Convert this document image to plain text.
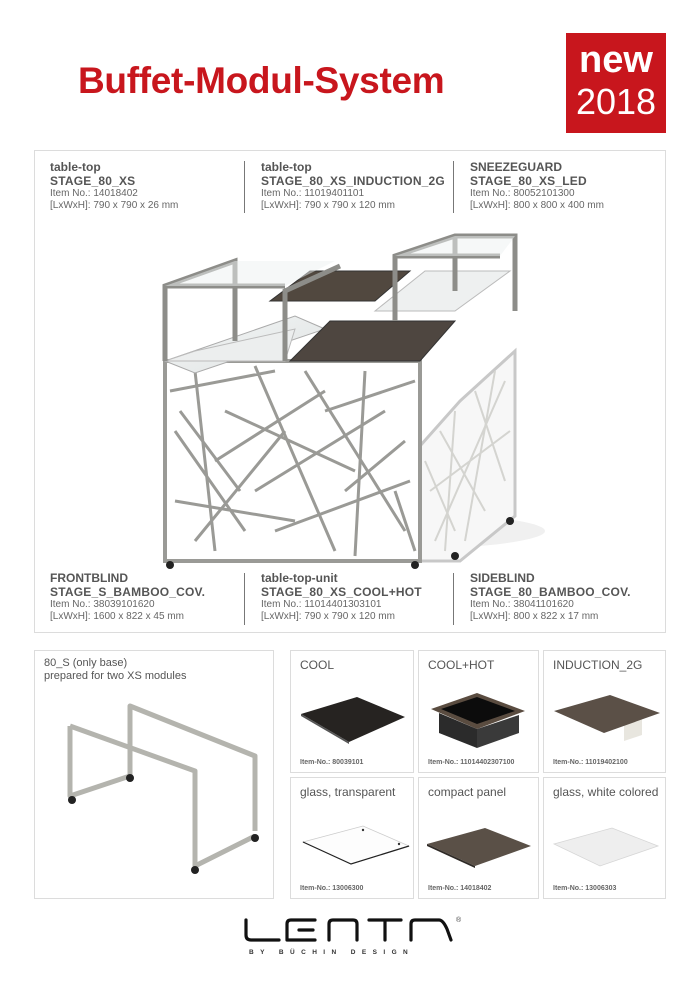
Buffet-Modul-System	new
2018
table-top
STAGE_80_XS
Item No.: 14018402
[LxWxH]: 790 x 790 x 26 mm
table-top
STAGE_80_XS_INDUCTION_2G
Item No.: 11019401101
[LxWxH]: 790 x 790 x 120 mm
SNEEZEGUARD
STAGE_80_XS_LED
Item No.: 80052101300
[LxWxH]: 800 x 800 x 400 mm
FRONTBLIND
STAGE_S_BAMBOO_COV.
Item No.: 38039101620
[LxWxH]: 1600 x 822 x 45 mm
table-top-unit
STAGE_80_XS_COOL+HOT
Item No.: 11014401303101
[LxWxH]: 790 x 790 x 120 mm
SIDEBLIND
STAGE_80_BAMBOO_COV.
Item No.: 38041101620
[LxWxH]: 800 x 822 x 17 mm
80_S (only base)
prepared for two XS modules
COOL
Item-No.: 80039101
COOL+HOT
Item-No.: 11014402307100
INDUCTION_2G
Item-No.: 11019402100
glass, transparent
Item-No.: 13006300
compact panel
Item-No.: 14018402
glass, white colored
Item-No.: 13006303
®
BY BÜCHIN DESIGN
